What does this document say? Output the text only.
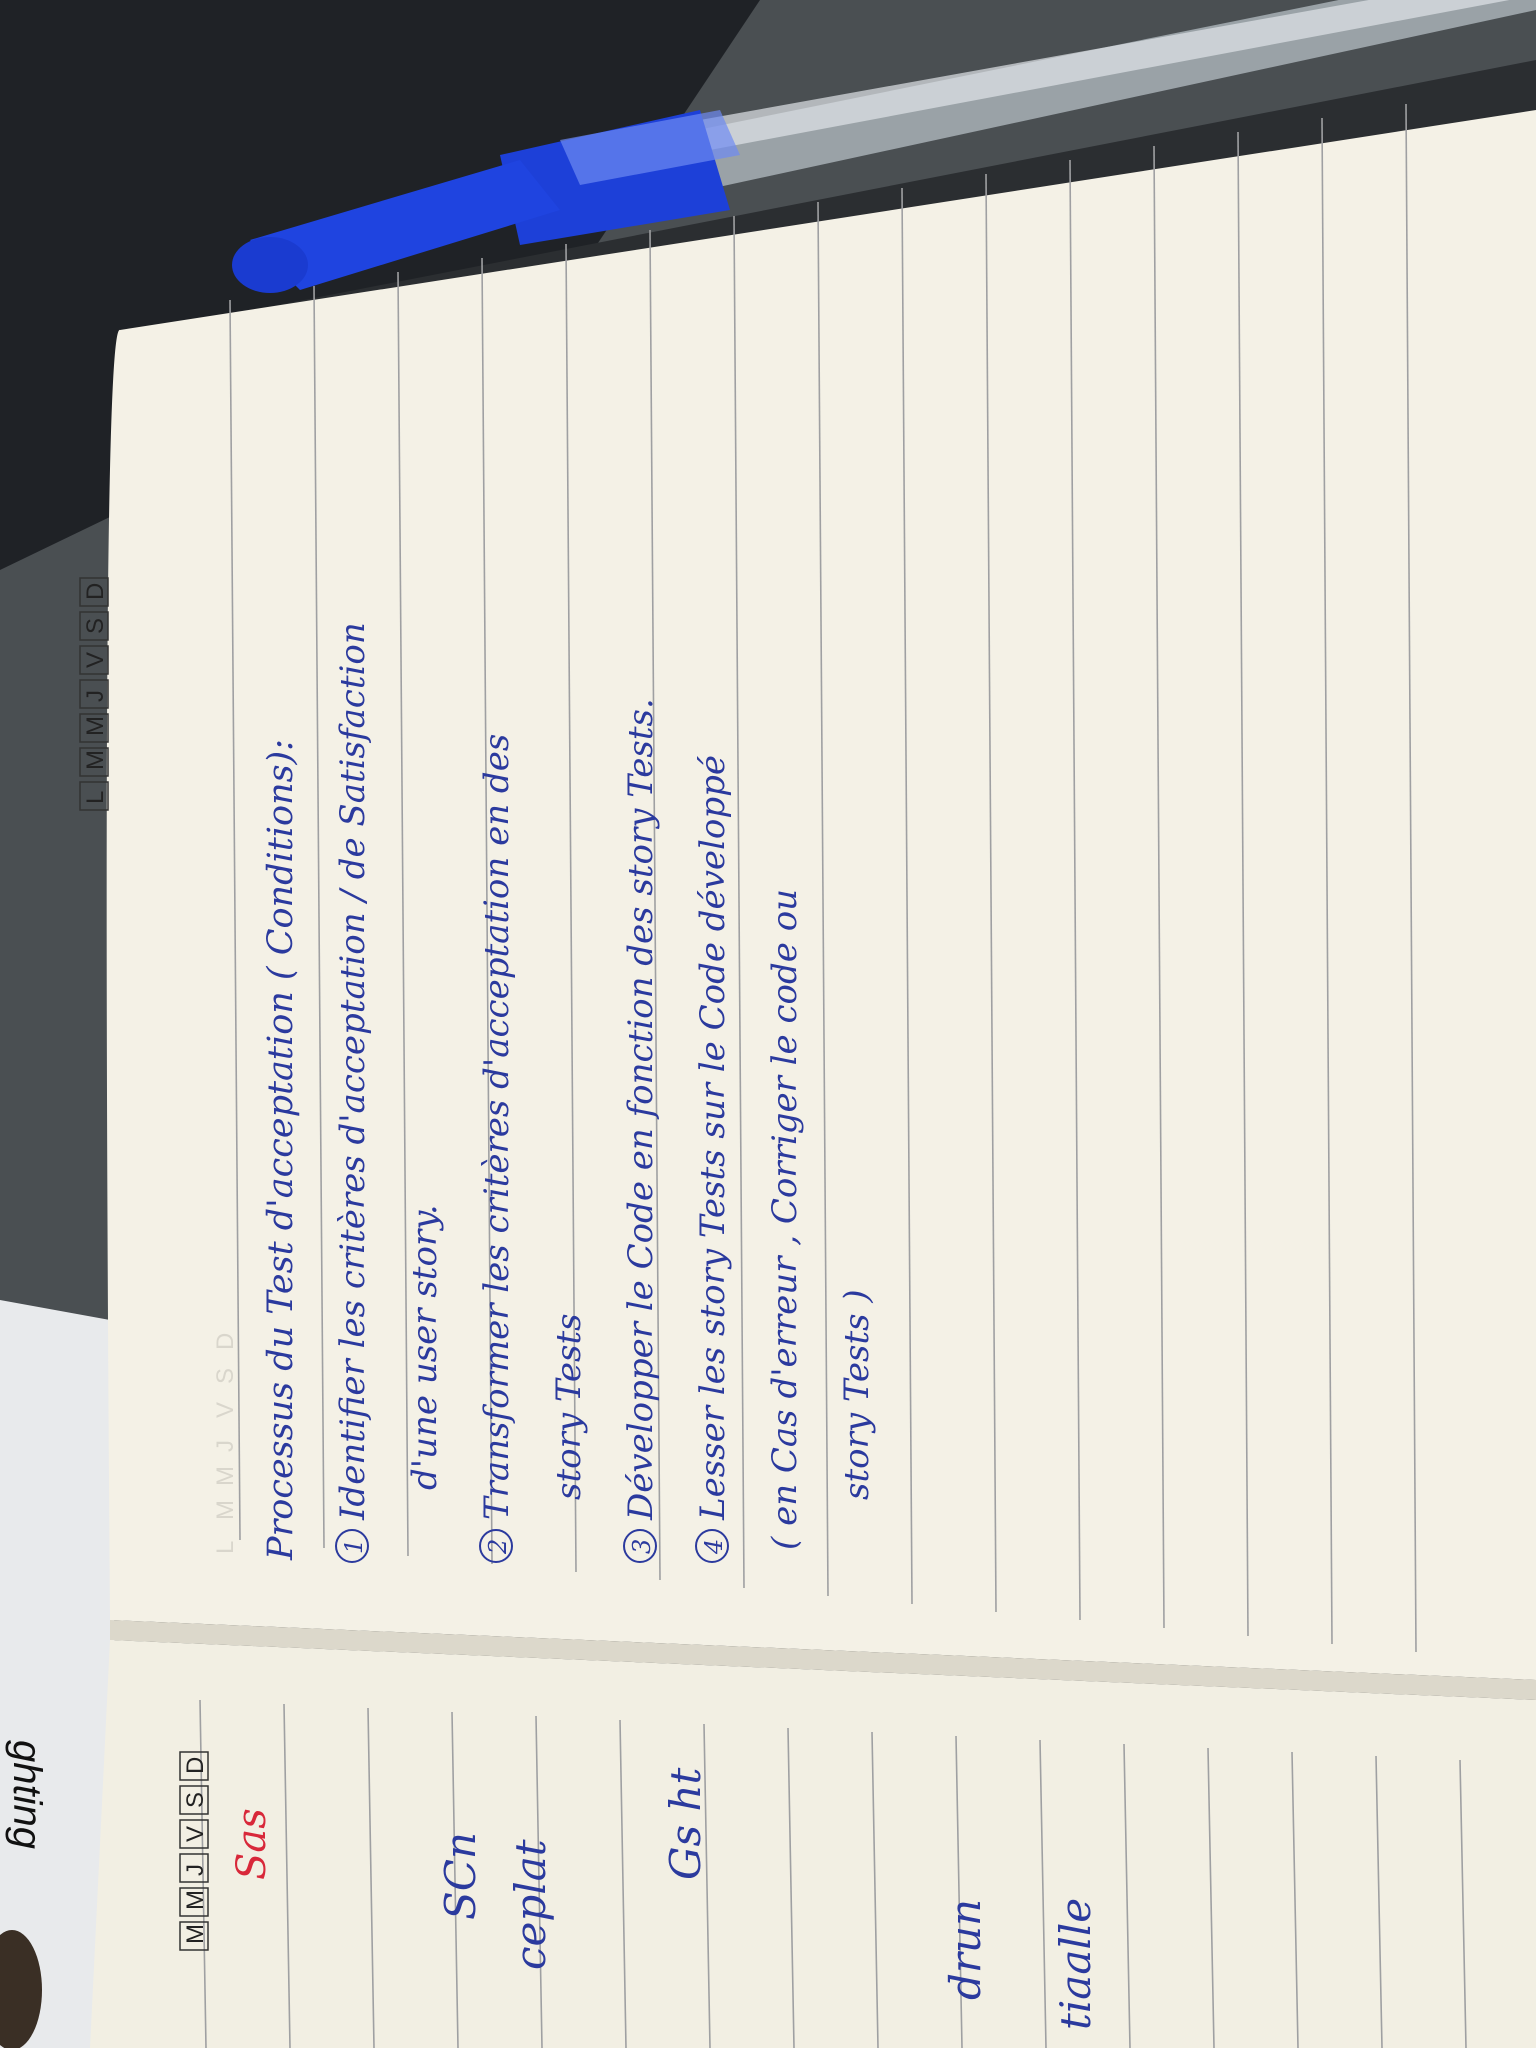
ghting
L
M
M
J
V
S
D
L
M
M
J
V
S
D
Processus du Test d'acceptation ( Conditions): 1
Identifier les critères d'acceptation / de Satisfaction d'une user story.
2
Transformer les critères d'acceptation en des story Tests
3
Développer le Code en fonction des story Tests.
4
Lesser les story Tests sur le Code développé ( en Cas d'erreur , Corriger le code ou story Tests )
M
M
J
V
S
D
Sas	SCn ceplat
Gs ht
drun tiaalle
